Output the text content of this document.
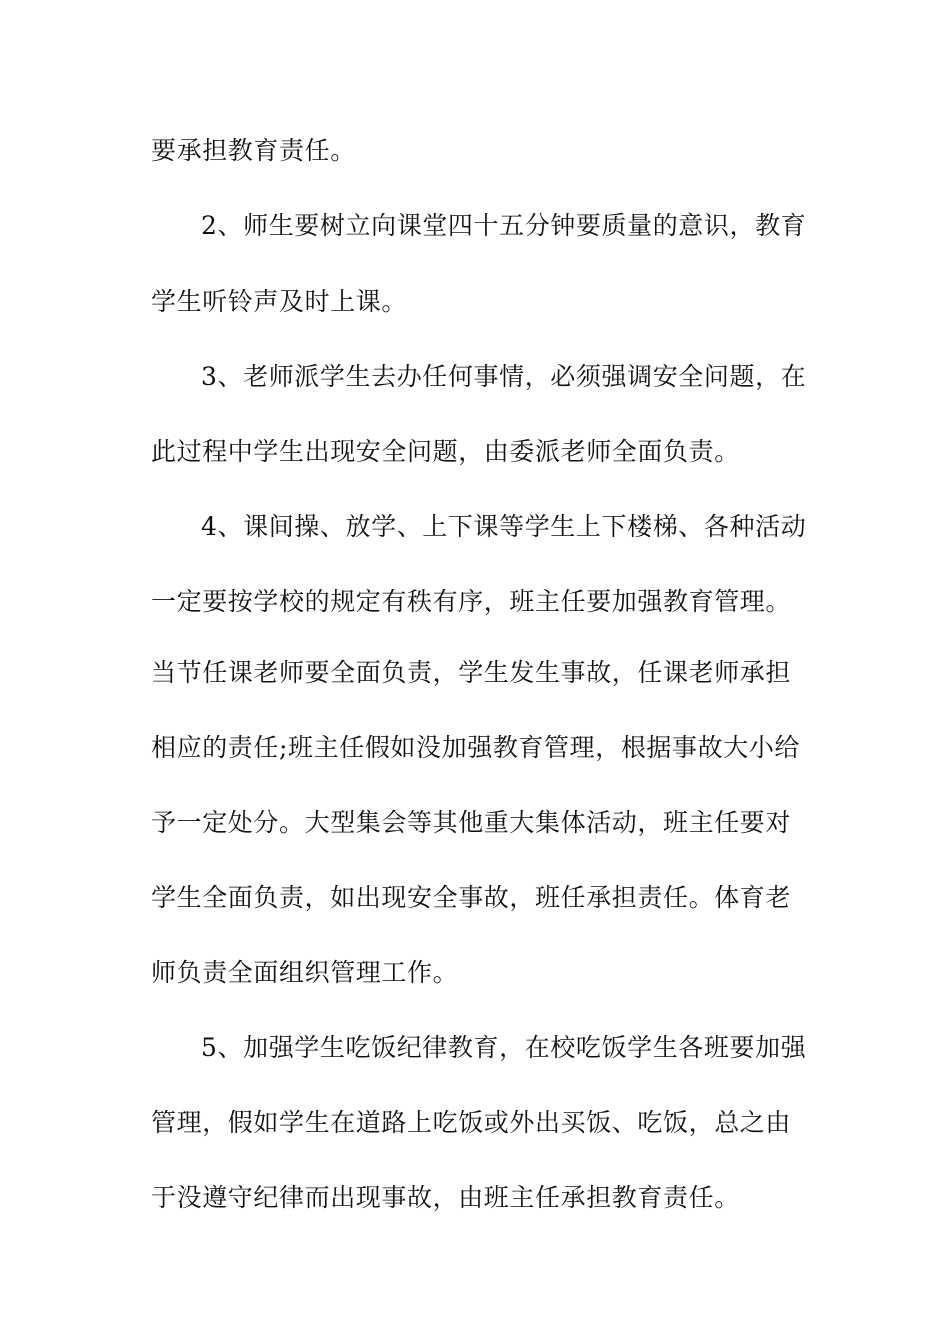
要承担教育责任。
2、师生要树立向课堂四十五分钟要质量的意识，教育
学生听铃声及时上课。
3、老师派学生去办任何事情，必须强调安全问题，在
此过程中学生出现安全问题，由委派老师全面负责。
4、课间操、放学、上下课等学生上下楼梯、各种活动
一定要按学校的规定有秩有序，班主任要加强教育管理。
当节任课老师要全面负责，学生发生事故，任课老师承担
相应的责任;班主任假如没加强教育管理，根据事故大小给
予一定处分。大型集会等其他重大集体活动，班主任要对
学生全面负责，如出现安全事故，班任承担责任。体育老
师负责全面组织管理工作。
5、加强学生吃饭纪律教育，在校吃饭学生各班要加强
管理，假如学生在道路上吃饭或外出买饭、吃饭，总之由
于没遵守纪律而出现事故，由班主任承担教育责任。
